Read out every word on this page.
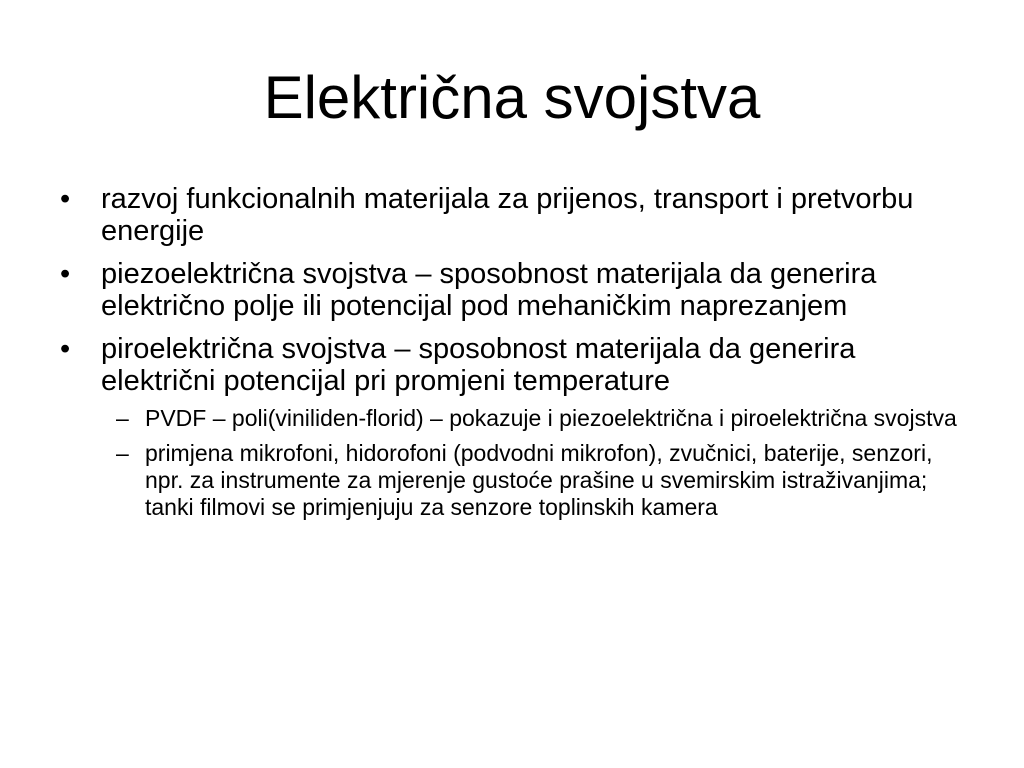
Električna svojstva
•	razvoj funkcionalnih materijala za prijenos, transport i pretvorbu energije
•	piezoelektrična svojstva – sposobnost materijala da generira električno polje ili potencijal pod mehaničkim naprezanjem
•	piroelektrična svojstva – sposobnost materijala da generira električni potencijal pri promjeni temperature
– PVDF – poli(viniliden-florid) – pokazuje i piezoelektrična i piroelektrična svojstva
– primjena mikrofoni, hidorofoni (podvodni mikrofon), zvučnici, baterije, senzori, npr. za instrumente za mjerenje gustoće prašine u svemirskim istraživanjima; tanki filmovi se primjenjuju za senzore toplinskih kamera
